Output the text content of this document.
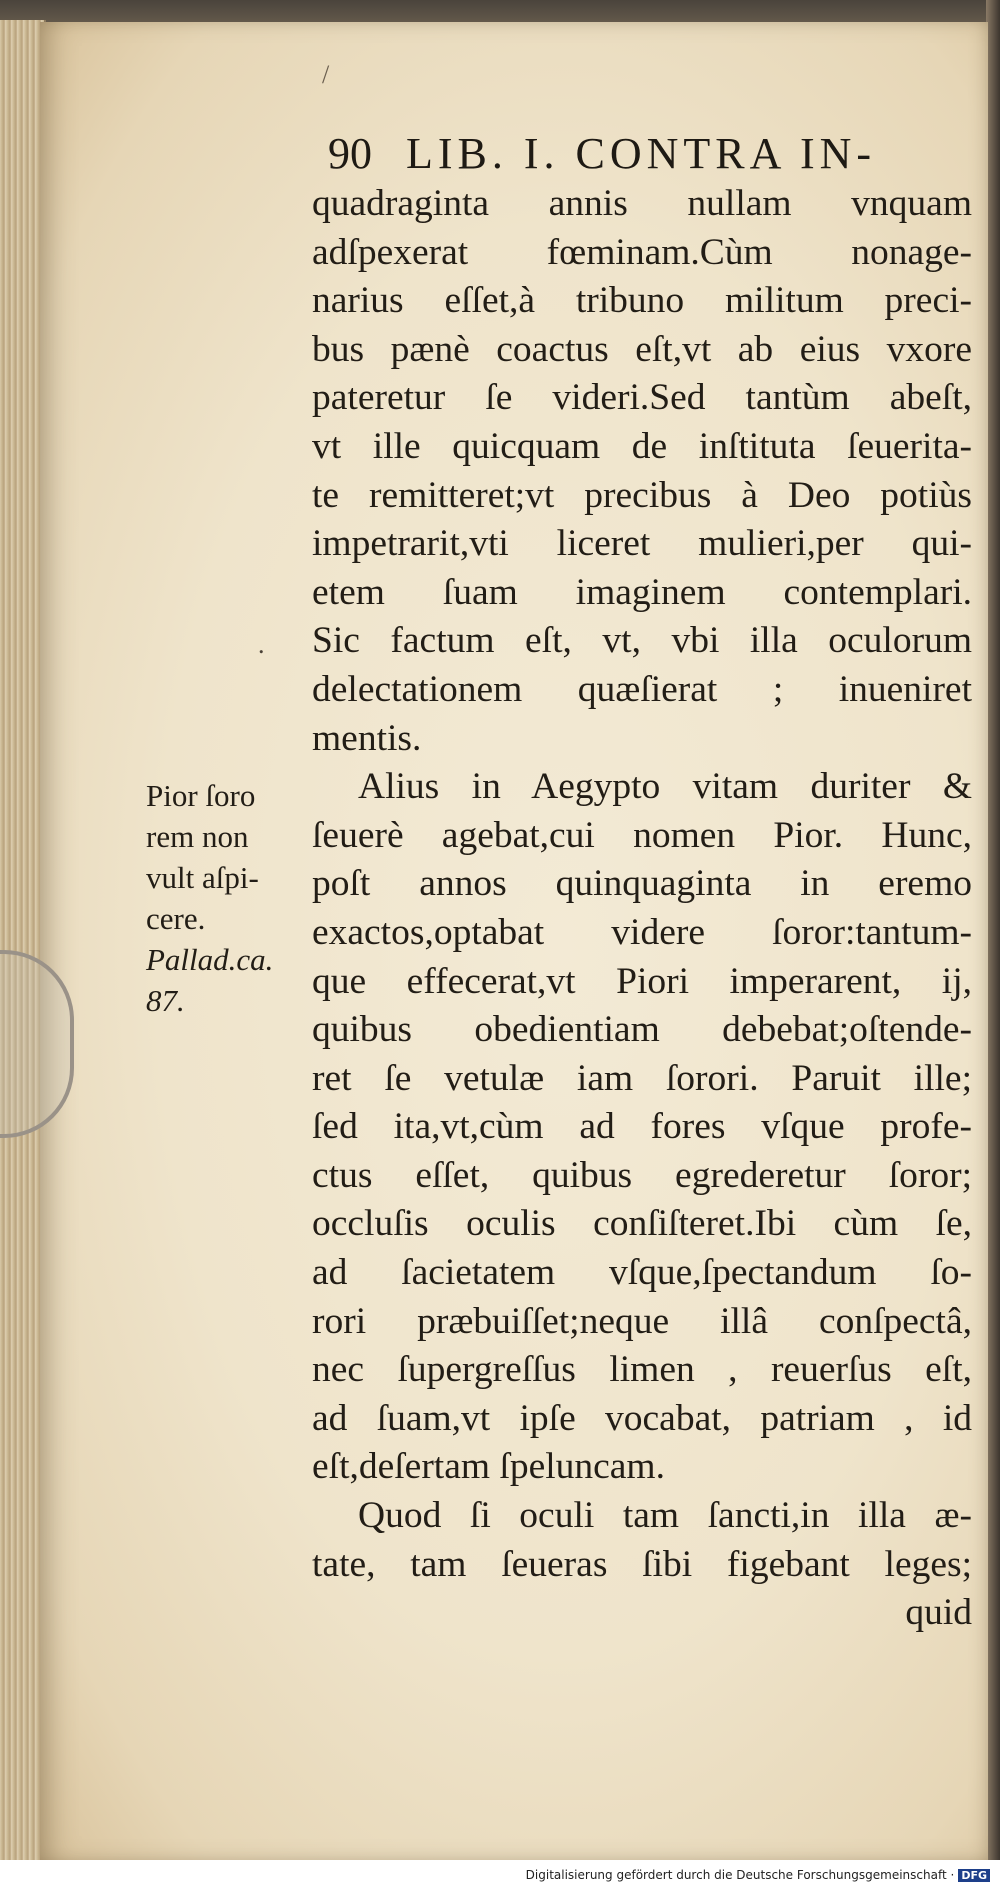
/
.
90 LIB. I. CONTRA IN-
Pior ſoro
rem non
vult aſpi-
cere.
Pallad.ca.
87.
quadraginta annis nullam vnquam
adſpexerat fœminam.Cùm nonage-
narius eſſet,à tribuno militum preci-
bus pænè coactus eſt,vt ab eius vxore
pateretur ſe videri.Sed tantùm abeſt,
vt ille quicquam de inſtituta ſeuerita-
te remitteret;vt precibus à Deo potiùs
impetrarit,vti liceret mulieri,per qui-
etem ſuam imaginem contemplari.
Sic factum eſt, vt, vbi illa oculorum
delectationem quæſierat ; inueniret
mentis.
Alius in Aegypto vitam duriter &
ſeuerè agebat,cui nomen Pior. Hunc,
poſt annos quinquaginta in eremo
exactos,optabat videre ſoror:tantum-
que effecerat,vt Piori imperarent, ij,
quibus obedientiam debebat;oſtende-
ret ſe vetulæ iam ſorori. Paruit ille;
ſed ita,vt,cùm ad fores vſque profe-
ctus eſſet, quibus egrederetur ſoror;
occluſis oculis conſiſteret.Ibi cùm ſe,
ad ſacietatem vſque,ſpectandum ſo-
rori præbuiſſet;neque illâ conſpectâ,
nec ſupergreſſus limen , reuerſus eſt,
ad ſuam,vt ipſe vocabat, patriam , id
eſt,deſertam ſpeluncam.
Quod ſi oculi tam ſancti,in illa æ-
tate, tam ſeueras ſibi figebant leges;
quid
Digitalisierung gefördert durch die Deutsche Forschungsgemeinschaft · DFG
